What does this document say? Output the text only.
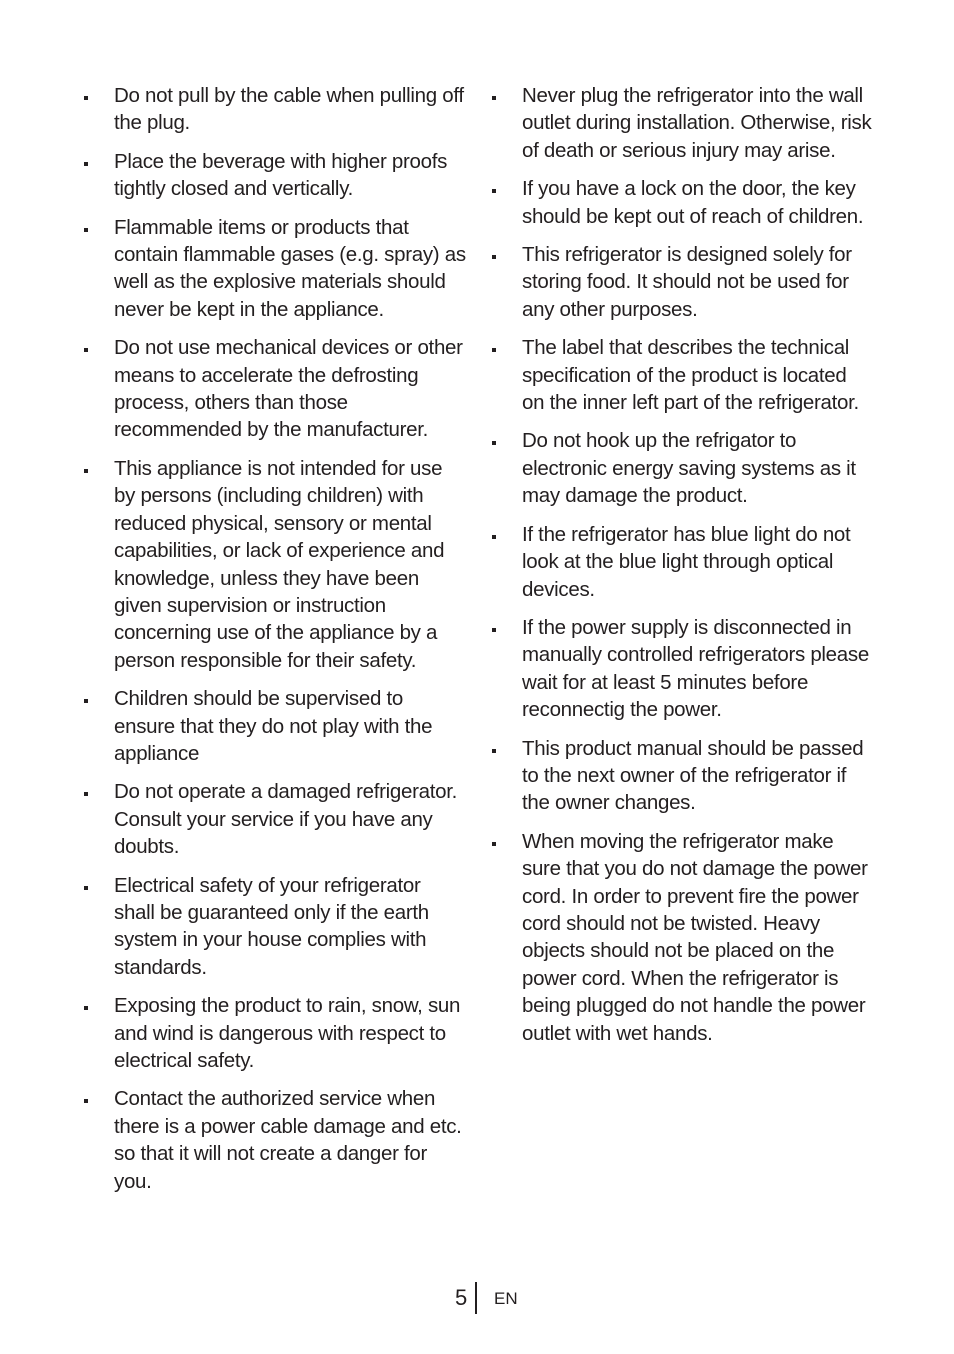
Do not pull by the cable when pulling off the plug.
Place the beverage with higher proofs tightly closed and vertically.
Flammable items or products that contain flammable gases (e.g. spray) as well as the explosive materials should never be kept in the appliance.
Do not use mechanical devices or other means to accelerate the defrosting process, others than those recommended by the manufacturer.
This appliance is not intended for use by persons (including children) with reduced physical, sensory or mental capabilities, or lack of experience and knowledge, unless they have been given supervision or instruction concerning use of the appliance by a person responsible for their safety.
Children should be supervised to ensure that they do not play with the appliance
Do not operate a damaged refrigerator. Consult your service if you have any doubts.
Electrical safety of your refrigerator shall be guaranteed only if the earth system in your house complies with standards.
Exposing the product to rain, snow, sun and wind is dangerous with respect to electrical safety.
Contact the authorized service when there is a power cable damage and etc. so that it will not create a danger for you.
Never plug the refrigerator into the wall outlet during installation. Otherwise, risk of death or serious injury may arise.
If you have a lock on the door, the key should be kept out of reach of children.
This refrigerator is designed solely for storing food. It should not be used for any other purposes.
The label that describes the technical specification of the product is located on the inner left part of the refrigerator.
Do not hook up the refrigator to electronic energy saving systems as it may damage the product.
If the refrigerator has blue light do not look at the blue light through optical devices.
If the power supply is disconnected in manually controlled refrigerators please wait for at least 5 minutes before reconnectig the power.
This product manual should be passed to the next owner of the refrigerator if the owner changes.
When moving the refrigerator make sure that you do not damage the power cord. In order to prevent fire the power cord should not be twisted. Heavy objects should not be placed on the power cord. When the refrigerator is being plugged do not handle the power outlet with wet hands.
5 EN
